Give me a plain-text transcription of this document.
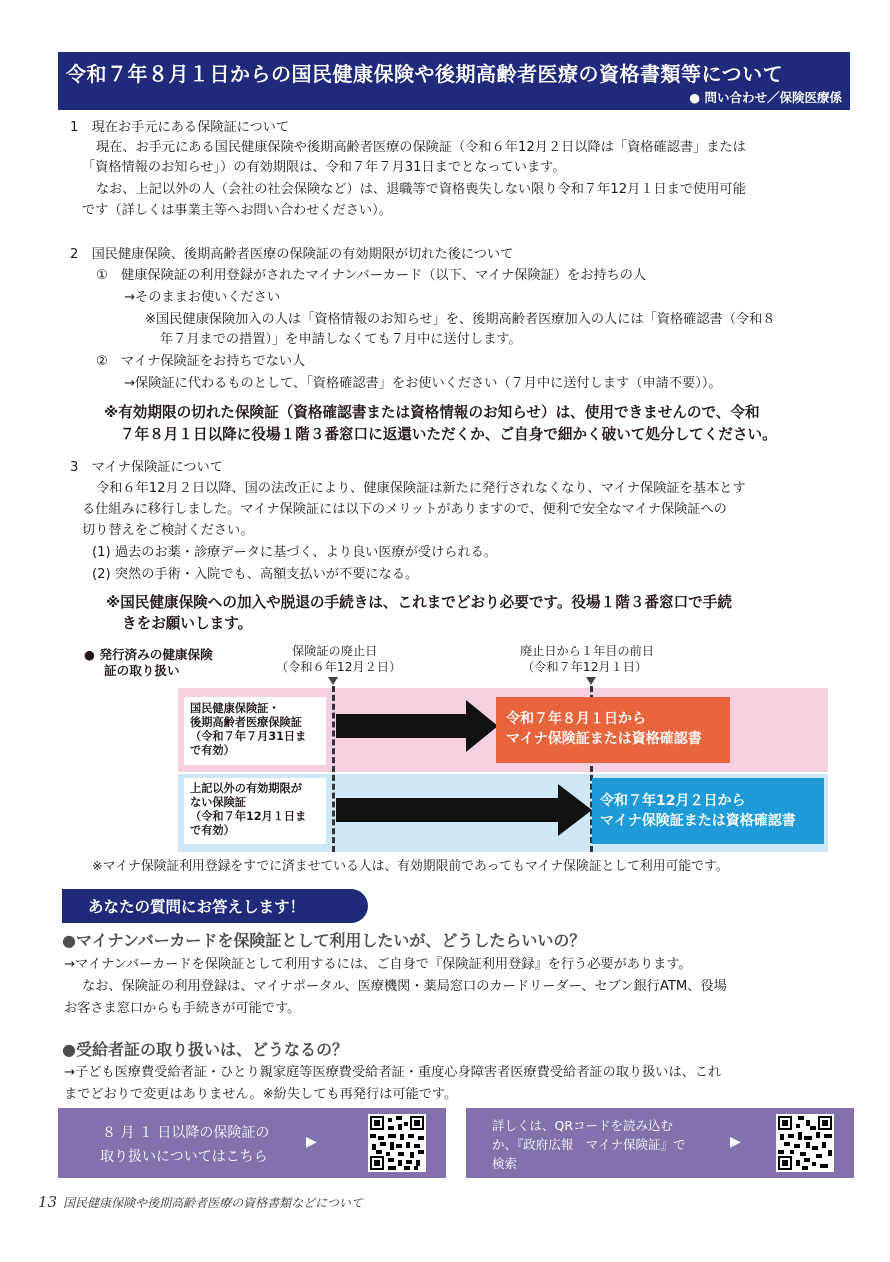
令和７年８月１日からの国民健康保険や後期高齢者医療の資格書類等について
● 問い合わせ／保険医療係
1　現在お手元にある保険証について
現在、お手元にある国民健康保険や後期高齢者医療の保険証（令和６年12月２日以降は「資格確認書」または
「資格情報のお知らせ」）の有効期限は、令和７年７月31日までとなっています。
なお、上記以外の人（会社の社会保険など）は、退職等で資格喪失しない限り令和７年12月１日まで使用可能
です（詳しくは事業主等へお問い合わせください）。
2　国民健康保険、後期高齢者医療の保険証の有効期限が切れた後について
①　健康保険証の利用登録がされたマイナンバーカード（以下、マイナ保険証）をお持ちの人
→そのままお使いください
※国民健康保険加入の人は「資格情報のお知らせ」を、後期高齢者医療加入の人には「資格確認書（令和８
年７月までの措置）」を申請しなくても７月中に送付します。
②　マイナ保険証をお持ちでない人
→保険証に代わるものとして、「資格確認書」をお使いください（７月中に送付します（申請不要））。
※有効期限の切れた保険証（資格確認書または資格情報のお知らせ）は、使用できませんので、令和
７年８月１日以降に役場１階３番窓口に返還いただくか、ご自身で細かく破いて処分してください。
3　マイナ保険証について
令和６年12月２日以降、国の法改正により、健康保険証は新たに発行されなくなり、マイナ保険証を基本とす
る仕組みに移行しました。マイナ保険証には以下のメリットがありますので、便利で安全なマイナ保険証への
切り替えをご検討ください。
(1) 過去のお薬・診療データに基づく、より良い医療が受けられる。
(2) 突然の手術・入院でも、高額支払いが不要になる。
※国民健康保険への加入や脱退の手続きは、これまでどおり必要です。役場１階３番窓口で手続
きをお願いします。
● 発行済みの健康保険
証の取り扱い
保険証の廃止日
（令和６年12月２日）
廃止日から１年目の前日
（令和７年12月１日）
国民健康保険証・
後期高齢者医療保険証
（令和７年７月31日ま
で有効）
令和７年８月１日から
マイナ保険証または資格確認書
上記以外の有効期限が
ない保険証
（令和７年12月１日ま
で有効）
令和７年12月２日から
マイナ保険証または資格確認書
※マイナ保険証利用登録をすでに済ませている人は、有効期限前であってもマイナ保険証として利用可能です。
あなたの質問にお答えします！
●マイナンバーカードを保険証として利用したいが、どうしたらいいの？
→マイナンバーカードを保険証として利用するには、ご自身で『保険証利用登録』を行う必要があります。
なお、保険証の利用登録は、マイナポータル、医療機関・薬局窓口のカードリーダー、セブン銀行ATM、役場
お客さま窓口からも手続きが可能です。
●受給者証の取り扱いは、どうなるの？
→子ども医療費受給者証・ひとり親家庭等医療費受給者証・重度心身障害者医療費受給者証の取り扱いは、これ
までどおりで変更はありません。※紛失しても再発行は可能です。
８ 月 １ 日以降の保険証の
取り扱いについてはこちら
▶
詳しくは、QRコードを読み込む
か、『政府広報　マイナ保険証』で
検索
▶
13 国民健康保険や後期高齢者医療の資格書類などについて
